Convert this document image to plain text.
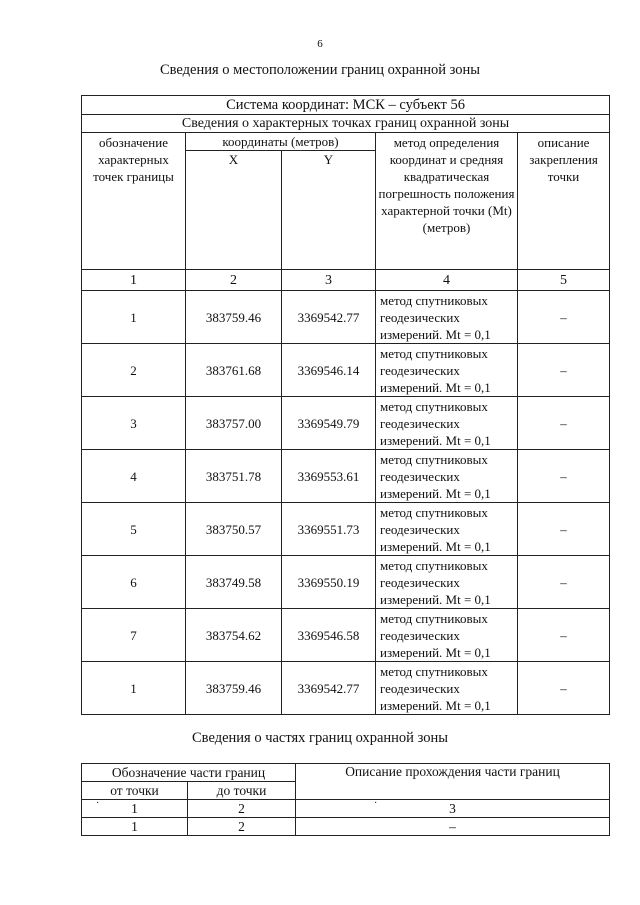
6
Сведения о местоположении границ охранной зоны
Система координат: МСК – субъект 56				
Сведения о характерных точках границ охранной зоны				
обозначение характерных точек границы	координаты (метров)		метод определения координат и средняя квадратическая погрешность положения характерной точки (Mt) (метров)	описание закрепления точки
	X	Y		
1	2	3	4	5
1	383759.46	3369542.77	метод спутниковых геодезических измерений. Mt = 0,1	–
2	383761.68	3369546.14	метод спутниковых геодезических измерений. Mt = 0,1	–
3	383757.00	3369549.79	метод спутниковых геодезических измерений. Mt = 0,1	–
4	383751.78	3369553.61	метод спутниковых геодезических измерений. Mt = 0,1	–
5	383750.57	3369551.73	метод спутниковых геодезических измерений. Mt = 0,1	–
6	383749.58	3369550.19	метод спутниковых геодезических измерений. Mt = 0,1	–
7	383754.62	3369546.58	метод спутниковых геодезических измерений. Mt = 0,1	–
1	383759.46	3369542.77	метод спутниковых геодезических измерений. Mt = 0,1	–
Сведения о частях границ охранной зоны
Обозначение части границ		Описание прохождения части границ
от точки	до точки	

· 1	2	· 3
1	2	–
